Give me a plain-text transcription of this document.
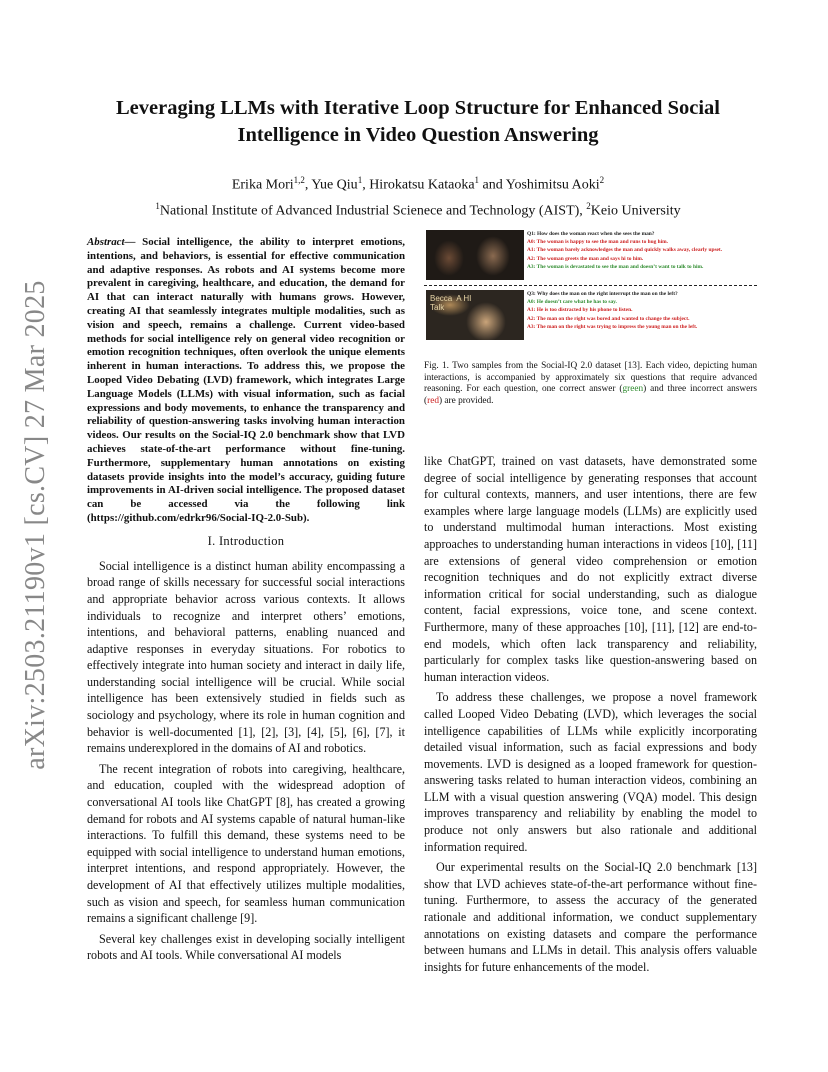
arXiv:2503.21190v1 [cs.CV] 27 Mar 2025
Leveraging LLMs with Iterative Loop Structure for Enhanced Social Intelligence in Video Question Answering
Erika Mori$^{1,2}$, Yue Qiu$^1$, Hirokatsu Kataoka$^1$ and Yoshimitsu Aoki$^2$
$^1$National Institute of Advanced Industrial Scienece and Technology (AIST), $^2$Keio University

Abstract— Social intelligence, the ability to interpret emotions, intentions, and behaviors, is essential for effective communication and adaptive responses. As robots and AI systems become more prevalent in caregiving, healthcare, and education, the demand for AI that can interact naturally with humans grows. However, creating AI that seamlessly integrates multiple modalities, such as vision and speech, remains a challenge. Current video-based methods for social intelligence rely on general video recognition or emotion recognition techniques, often overlook the unique elements inherent in human interactions. To address this, we propose the Looped Video Debating (LVD) framework, which integrates Large Language Models (LLMs) with visual information, such as facial expressions and body movements, to enhance the transparency and reliability of question-answering tasks involving human interaction videos. Our results on the Social-IQ 2.0 benchmark show that LVD achieves state-of-the-art performance without fine-tuning. Furthermore, supplementary human annotations on existing datasets provide insights into the model’s accuracy, guiding future improvements in AI-driven social intelligence. The proposed dataset can be accessed via the following link (https://github.com/edrkr96/Social-IQ-2.0-Sub).

I. Introduction

Social intelligence is a distinct human ability encompassing a broad range of skills necessary for successful social interactions and appropriate behavior across various contexts. It allows individuals to recognize and interpret others’ emotions, intentions, and behavioral patterns, enabling nuanced and adaptive responses in everyday situations. For robotics to effectively integrate into human society and interact in daily life, understanding social intelligence will be crucial. While social intelligence has been extensively studied in fields such as sociology and psychology, where its role in human cognition and behavior is well-documented [1], [2], [3], [4], [5], [6], [7], it remains underexplored in the domains of AI and robotics.

The recent integration of robots into caregiving, healthcare, and education, coupled with the widespread adoption of conversational AI tools like ChatGPT [8], has created a growing demand for robots and AI systems capable of natural human-like interactions. To fulfill this demand, these systems need to be equipped with social intelligence to understand human emotions, interpret intentions, and respond appropriately. However, the development of AI that effectively utilizes multiple modalities, such as vision and speech, for seamless human communication remains a significant challenge [9].

Several key challenges exist in developing socially intelligent robots and AI tools. While conversational AI models

Q1: How does the woman react when she sees the man?
A0: The woman is happy to see the man and runs to hug him.
A1: The woman barely acknowledges the man and quickly walks away, clearly upset.
A2: The woman greets the man and says hi to him.
A3: The woman is devastated to see the man and doesn’t want to talk to him.
Becca  A HI
Talk
Q3: Why does the man on the right interrupt the man on the left?
A0: He doesn’t care what he has to say.
A1: He is too distracted by his phone to listen.
A2: The man on the right was bored and wanted to change the subject.
A3: The man on the right was trying to impress the young man on the left.
Fig. 1. Two samples from the Social-IQ 2.0 dataset [13]. Each video, depicting human interactions, is accompanied by approximately six questions that require advanced reasoning. For each question, one correct answer (green) and three incorrect answers (red) are provided.

like ChatGPT, trained on vast datasets, have demonstrated some degree of social intelligence by generating responses that account for cultural contexts, manners, and user intentions, there are few examples where large language models (LLMs) are explicitly used to understand multimodal human interactions. Most existing approaches to understanding human interactions in videos [10], [11] are extensions of general video comprehension or emotion recognition techniques and do not explicitly extract diverse information critical for social understanding, such as dialogue content, facial expressions, voice tone, and scene context. Furthermore, many of these approaches [10], [11], [12] are end-to-end models, which often lack transparency and reliability, particularly for complex tasks like question-answering based on human interaction videos.

To address these challenges, we propose a novel framework called Looped Video Debating (LVD), which leverages the social intelligence capabilities of LLMs while explicitly incorporating detailed visual information, such as facial expressions and body movements. LVD is designed as a looped framework for question-answering tasks related to human interaction videos, combining an LLM with a visual question answering (VQA) model. This design improves transparency and reliability by enabling the model to produce not only answers but also rationale and additional information required.

Our experimental results on the Social-IQ 2.0 benchmark [13] show that LVD achieves state-of-the-art performance without fine-tuning. Furthermore, to assess the accuracy of the generated rationale and additional information, we conduct supplementary annotations on existing datasets and compare the performance between humans and LLMs in detail. This analysis offers valuable insights for future enhancements of the model.
